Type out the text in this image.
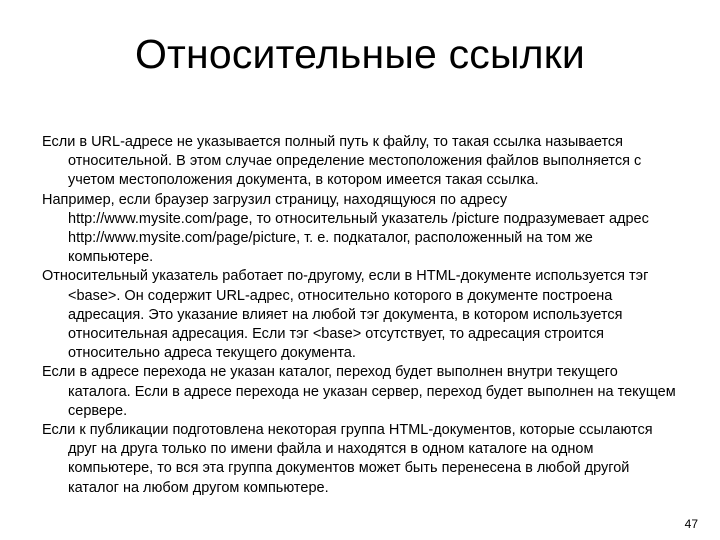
Относительные ссылки
Если в URL-адресе не указывается полный путь к файлу, то такая ссылка называется относительной. В этом случае определение местоположения файлов выполняется с учетом местоположения документа, в котором имеется такая ссылка.
Например, если браузер загрузил страницу, находящуюся по адресу http://www.mysite.com/page, то относительный указатель /picture подразумевает адрес http://www.mysite.com/page/picture, т. е. подкаталог, расположенный на том же компьютере.
Относительный указатель работает по-другому, если в HTML-документе используется тэг <base>. Он содержит URL-адрес, относительно которого в документе построена адресация. Это указание влияет на любой тэг документа, в котором используется относительная адресация. Если тэг <base> отсутствует, то адресация строится относительно адреса текущего документа.
Если в адресе перехода не указан каталог, переход будет выполнен внутри текущего каталога. Если в адресе перехода не указан сервер, переход будет выполнен на текущем сервере.
Если к публикации подготовлена некоторая группа HTML-документов, которые ссылаются друг на друга только по имени файла и находятся в одном каталоге на одном компьютере, то вся эта группа документов может быть перенесена в любой другой каталог на любом другом компьютере.
47
